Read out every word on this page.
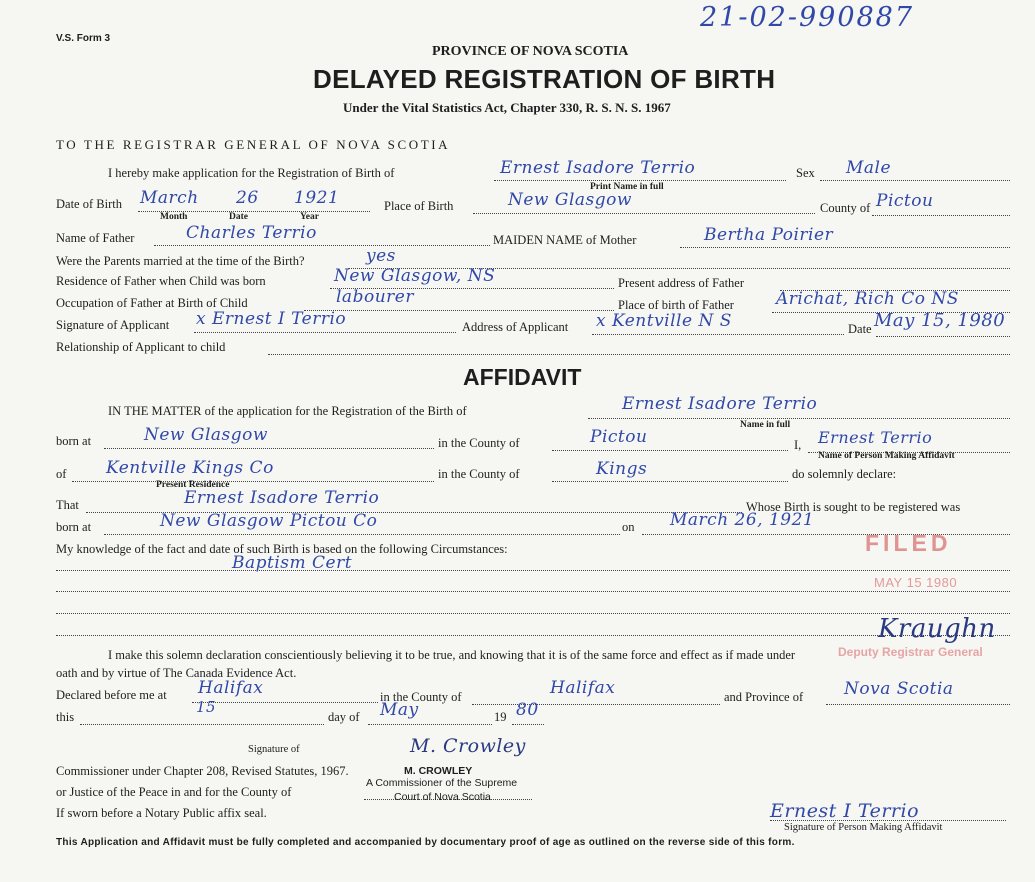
V.S. Form 3
21-02-990887
PROVINCE OF NOVA SCOTIA
DELAYED REGISTRATION OF BIRTH
Under the Vital Statistics Act, Chapter 330, R. S. N. S. 1967
TO THE REGISTRAR GENERAL OF NOVA SCOTIA
I hereby make application for the Registration of Birth of	Ernest Isadore Terrio
Print Name in full
Sex Male
Date of Birth March 26 1921
Month	Date	Year
Place of Birth	New Glasgow	County of Pictou
Name of Father	Charles Terrio	MAIDEN NAME of Mother	Bertha Poirier
Were the Parents married at the time of the Birth?	yes
Residence of Father when Child was born	New Glasgow, NS	Present address of Father
Occupation of Father at Birth of Child	labourer	Place of birth of Father Arichat, Rich Co NS
Signature of Applicant x Ernest I Terrio	Address of Applicant x Kentville N S	Date May 15, 1980
Relationship of Applicant to child
AFFIDAVIT
IN THE MATTER of the application for the Registration of the Birth of	Ernest Isadore Terrio
Name in full
born at	New Glasgow	in the County of	Pictou	I, Ernest Terrio
Name of Person Making Affidavit
of Kentville Kings Co
Present Residence
in the County of	Kings	do solemnly declare:
That	Ernest Isadore Terrio	Whose Birth is sought to be registered was
born at	New Glasgow Pictou Co	on March 26, 1921
My knowledge of the fact and date of such Birth is based on the following Circumstances:
Baptism Cert
FILED
MAY 15 1980
Kraughn
Deputy Registrar General
I make this solemn declaration conscientiously believing it to be true, and knowing that it is of the same force and effect as if made under
oath and by virtue of The Canada Evidence Act.
Declared before me at Halifax	in the County of	Halifax	and Province of Nova Scotia
this
15
day of May	19 80
Signature of	M. Crowley
Commissioner under Chapter 208, Revised Statutes, 1967.	M. CROWLEY
or Justice of the Peace in and for the County of
A Commissioner of the Supreme
Court of Nova Scotia
If sworn before a Notary Public affix seal.	Ernest I Terrio
Signature of Person Making Affidavit
This Application and Affidavit must be fully completed and accompanied by documentary proof of age as outlined on the reverse side of this form.
